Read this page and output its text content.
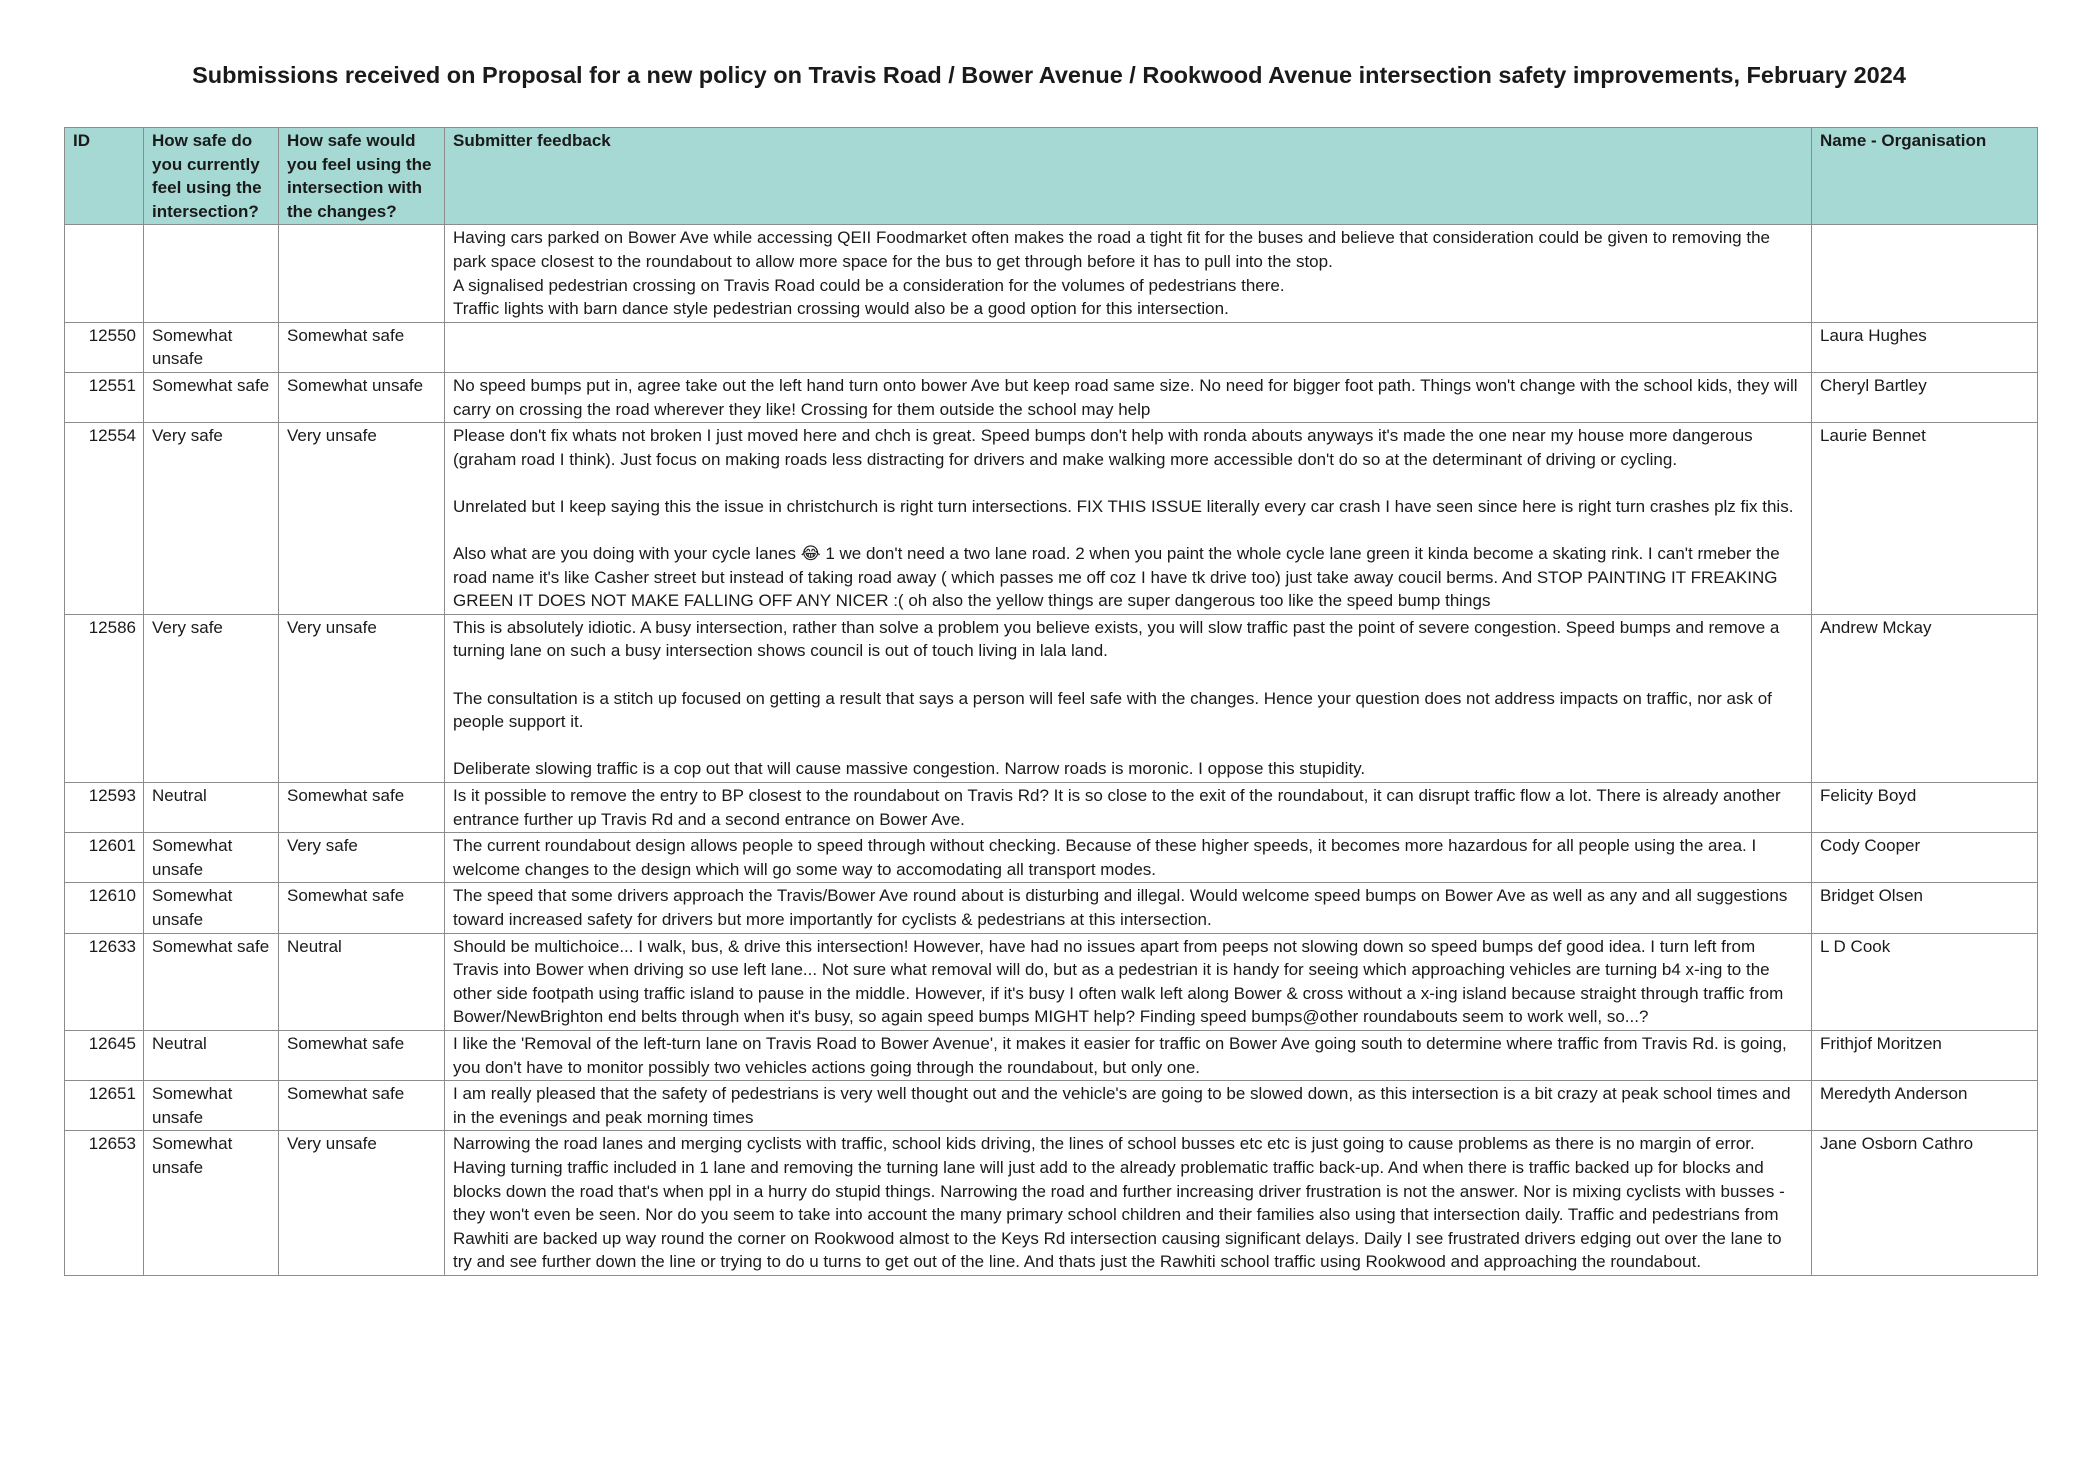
Submissions received on Proposal for a new policy on Travis Road / Bower Avenue / Rookwood Avenue intersection safety improvements, February 2024
ID	How safe do you currently feel using the intersection?	How safe would you feel using the intersection with the changes?	Submitter feedback	Name - Organisation

			Having cars parked on Bower Ave while accessing QEII Foodmarket often makes the road a tight fit for the buses and believe that consideration could be given to removing the park space closest to the roundabout to allow more space for the bus to get through before it has to pull into the stop.

A signalised pedestrian crossing on Travis Road could be a consideration for the volumes of pedestrians there.

Traffic lights with barn dance style pedestrian crossing would also be a good option for this intersection.	

12550	Somewhat unsafe	Somewhat safe		Laura Hughes
12551	Somewhat safe	Somewhat unsafe	No speed bumps put in, agree take out the left hand turn onto bower Ave but keep road same size. No need for bigger foot path. Things won't change with the school kids, they will carry on crossing the road wherever they like! Crossing for them outside the school may help	Cheryl Bartley
12554	Very safe	Very unsafe	Please don't fix whats not broken I just moved here and chch is great. Speed bumps don't help with ronda abouts anyways it's made the one near my house more dangerous (graham road I think). Just focus on making roads less distracting for drivers and make walking more accessible don't do so at the determinant of driving or cycling.

Unrelated but I keep saying this the issue in christchurch is right turn intersections. FIX THIS ISSUE literally every car crash I have seen since here is right turn crashes plz fix this.

Also what are you doing with your cycle lanes 😂 1 we don't need a two lane road. 2 when you paint the whole cycle lane green it kinda become a skating rink. I can't rmeber the road name it's like Casher street but instead of taking road away ( which passes me off coz I have tk drive too) just take away coucil berms. And STOP PAINTING IT FREAKING GREEN IT DOES NOT MAKE FALLING OFF ANY NICER :( oh also the yellow things are super dangerous too like the speed bump things	Laurie Bennet
12586	Very safe	Very unsafe	This is absolutely idiotic. A busy intersection, rather than solve a problem you believe exists, you will slow traffic past the point of severe congestion. Speed bumps and remove a turning lane on such a busy intersection shows council is out of touch living in lala land.

The consultation is a stitch up focused on getting a result that says a person will feel safe with the changes. Hence your question does not address impacts on traffic, nor ask of people support it.

Deliberate slowing traffic is a cop out that will cause massive congestion. Narrow roads is moronic. I oppose this stupidity.	Andrew Mckay
12593	Neutral	Somewhat safe	Is it possible to remove the entry to BP closest to the roundabout on Travis Rd? It is so close to the exit of the roundabout, it can disrupt traffic flow a lot. There is already another entrance further up Travis Rd and a second entrance on Bower Ave.	Felicity Boyd
12601	Somewhat unsafe	Very safe	The current roundabout design allows people to speed through without checking. Because of these higher speeds, it becomes more hazardous for all people using the area. I welcome changes to the design which will go some way to accomodating all transport modes.	Cody Cooper
12610	Somewhat unsafe	Somewhat safe	The speed that some drivers approach the Travis/Bower Ave round about is disturbing and illegal. Would welcome speed bumps on Bower Ave as well as any and all suggestions toward increased safety for drivers but more importantly for cyclists & pedestrians at this intersection.	Bridget Olsen
12633	Somewhat safe	Neutral	Should be multichoice... I walk, bus, & drive this intersection! However, have had no issues apart from peeps not slowing down so speed bumps def good idea. I turn left from Travis into Bower when driving so use left lane... Not sure what removal will do, but as a pedestrian it is handy for seeing which approaching vehicles are turning b4 x-ing to the other side footpath using traffic island to pause in the middle. However, if it's busy I often walk left along Bower & cross without a x-ing island because straight through traffic from Bower/NewBrighton end belts through when it's busy, so again speed bumps MIGHT help? Finding speed bumps@other roundabouts seem to work well, so...?	L D Cook
12645	Neutral	Somewhat safe	I like the 'Removal of the left-turn lane on Travis Road to Bower Avenue', it makes it easier for traffic on Bower Ave going south to determine where traffic from Travis Rd. is going, you don't have to monitor possibly two vehicles actions going through the roundabout, but only one.	Frithjof Moritzen
12651	Somewhat unsafe	Somewhat safe	I am really pleased that the safety of pedestrians is very well thought out and the vehicle's are going to be slowed down, as this intersection is a bit crazy at peak school times and in the evenings and peak morning times	Meredyth Anderson
12653	Somewhat unsafe	Very unsafe	Narrowing the road lanes and merging cyclists with traffic, school kids driving, the lines of school busses etc etc is just going to cause problems as there is no margin of error. Having turning traffic included in 1 lane and removing the turning lane will just add to the already problematic traffic back-up. And when there is traffic backed up for blocks and blocks down the road that's when ppl in a hurry do stupid things. Narrowing the road and further increasing driver frustration is not the answer. Nor is mixing cyclists with busses - they won't even be seen. Nor do you seem to take into account the many primary school children and their families also using that intersection daily. Traffic and pedestrians from Rawhiti are backed up way round the corner on Rookwood almost to the Keys Rd intersection causing significant delays. Daily I see frustrated drivers edging out over the lane to try and see further down the line or trying to do u turns to get out of the line. And thats just the Rawhiti school traffic using Rookwood and approaching the roundabout.	Jane Osborn Cathro
